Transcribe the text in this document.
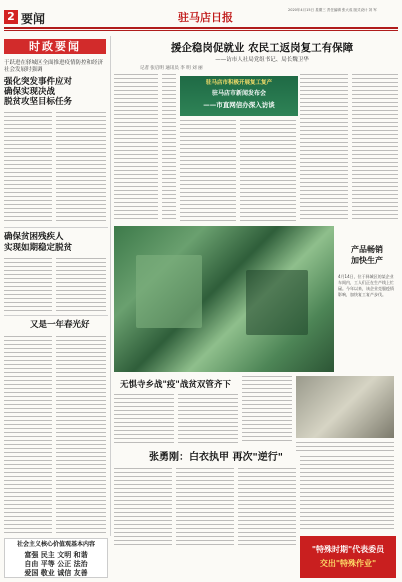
2 要闻	驻马店日报
2020年4月15日 星期三 责任编辑 张大成 版式设计 刘 军
时政要闻
于跃进在驿城区全面推进疫情防控和经济社会发展时强调
强化突发事件应对
确保实现决战
脱贫攻坚目标任务
确保贫困残疾人
实现如期稳定脱贫
又是一年春光好
援企稳岗促就业 农民工返岗复工有保障
——访市人社局党组书记、局长魏卫华
记者 张启明 通讯员 李 明 刘 丽
驻马店市积极开展复工复产
驻马店市新闻发布会
——市直网信办深入访谈
产品畅销
加快生产
4月14日，位于驿城区的某企业车间内，工人们正在生产线上忙碌。今年以来，该企业克服疫情影响，加快复工复产步伐。
无惧寺乡战"疫"战贫双管齐下
张勇刚：白衣执甲 再次"逆行"
社会主义核心价值观基本内容
富强 民主 文明 和谐
自由 平等 公正 法治
爱国 敬业 诚信 友善
"特殊时期"代表委员
交出"特殊作业"
